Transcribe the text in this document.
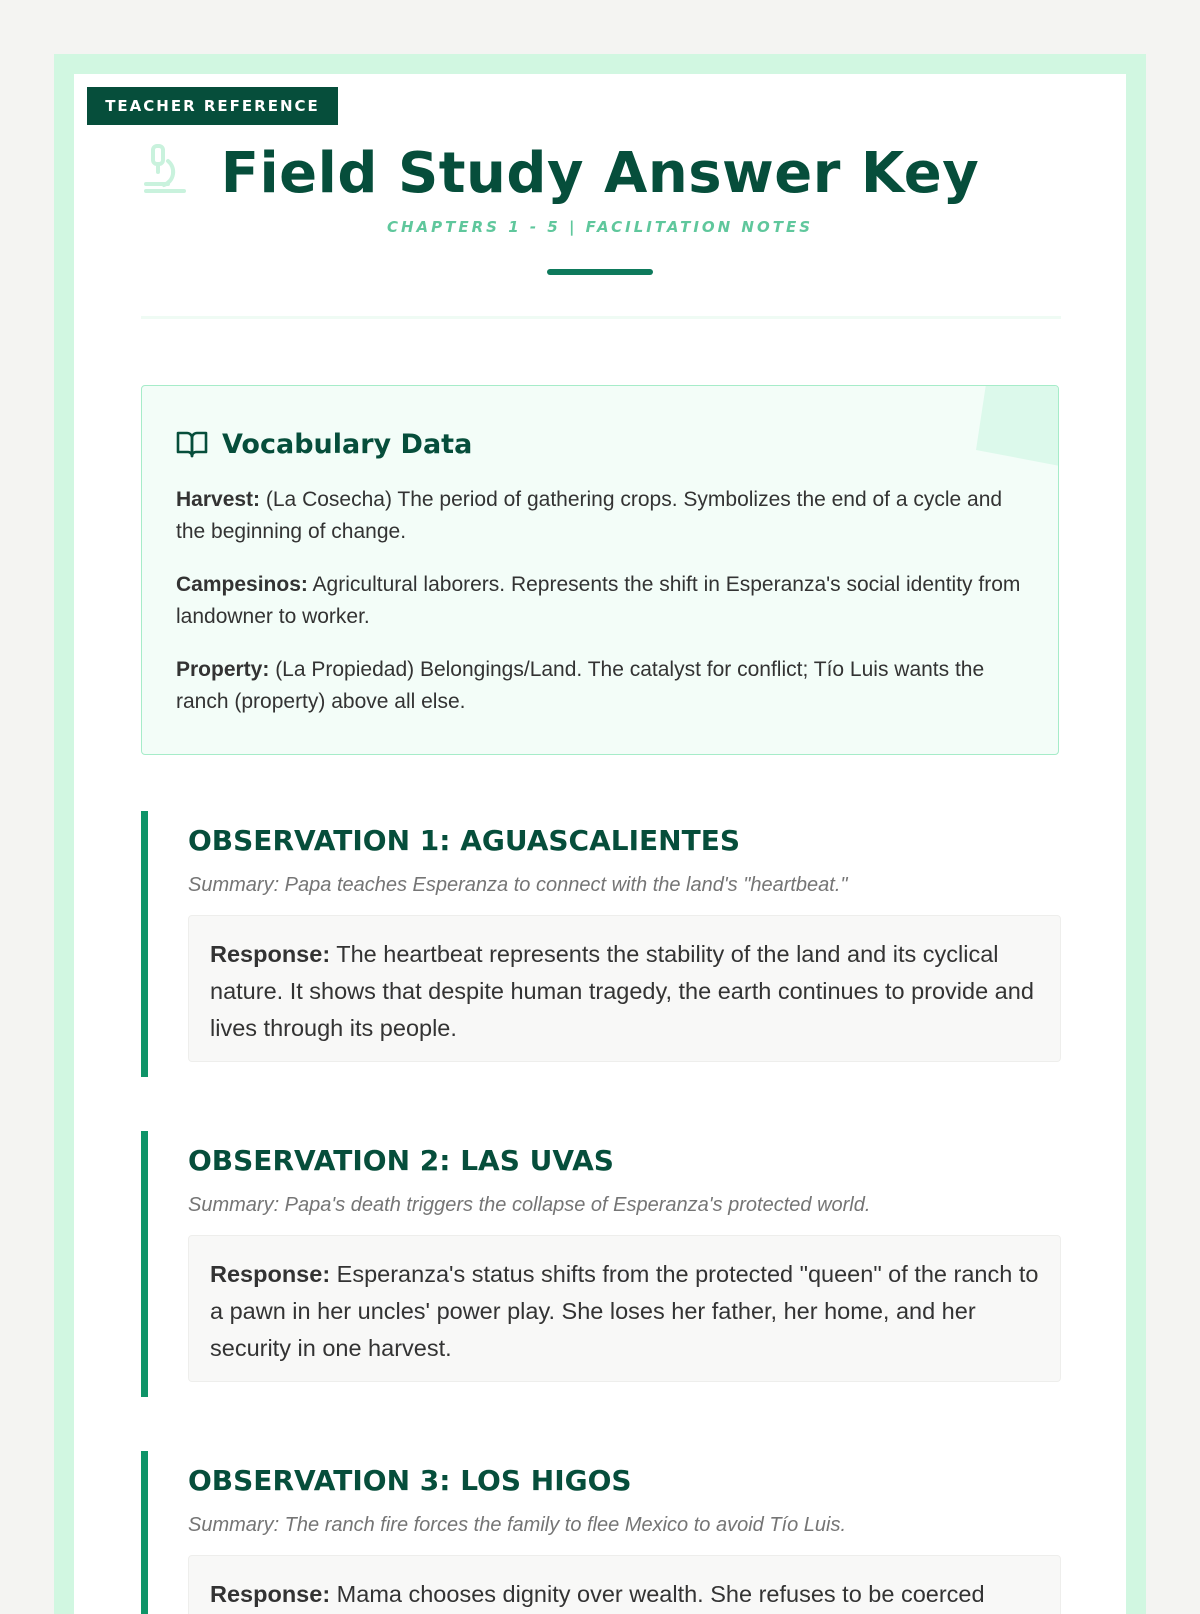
TEACHER REFERENCE
Field Study Answer Key

CHAPTERS 1 - 5 | FACILITATION NOTES

Vocabulary Data
Harvest: (La Cosecha) The period of gathering crops. Symbolizes the end of a cycle and the beginning of change.
Campesinos: Agricultural laborers. Represents the shift in Esperanza's social identity from landowner to worker.
Property: (La Propiedad) Belongings/Land. The catalyst for conflict; Tío Luis wants the ranch (property) above all else.
OBSERVATION 1: AGUASCALIENTES

Summary: Papa teaches Esperanza to connect with the land's "heartbeat."

Response: The heartbeat represents the stability of the land and its cyclical nature. It shows that despite human tragedy, the earth continues to provide and lives through its people.
OBSERVATION 2: LAS UVAS

Summary: Papa's death triggers the collapse of Esperanza's protected world.

Response: Esperanza's status shifts from the protected "queen" of the ranch to a pawn in her uncles' power play. She loses her father, her home, and her security in one harvest.
OBSERVATION 3: LOS HIGOS

Summary: The ranch fire forces the family to flee Mexico to avoid Tío Luis.

Response: Mama chooses dignity over wealth. She refuses to be coerced
